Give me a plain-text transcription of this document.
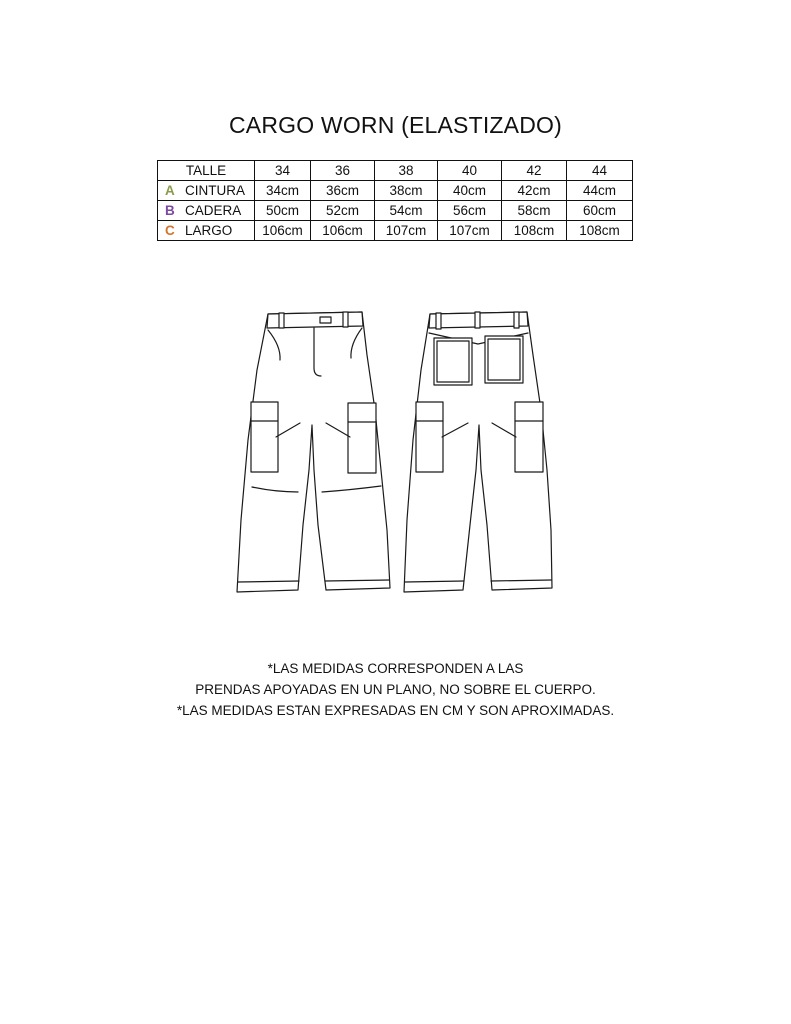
CARGO WORN (ELASTIZADO)
TALLE	34	36	38	40	42	44
A CINTURA	34cm	36cm	38cm	40cm	42cm	44cm
B CADERA	50cm	52cm	54cm	56cm	58cm	60cm
C LARGO	106cm	106cm	107cm	107cm	108cm	108cm
*LAS MEDIDAS CORRESPONDEN A LAS
PRENDAS APOYADAS EN UN PLANO, NO SOBRE EL CUERPO.
*LAS MEDIDAS ESTAN EXPRESADAS EN CM Y SON APROXIMADAS.
